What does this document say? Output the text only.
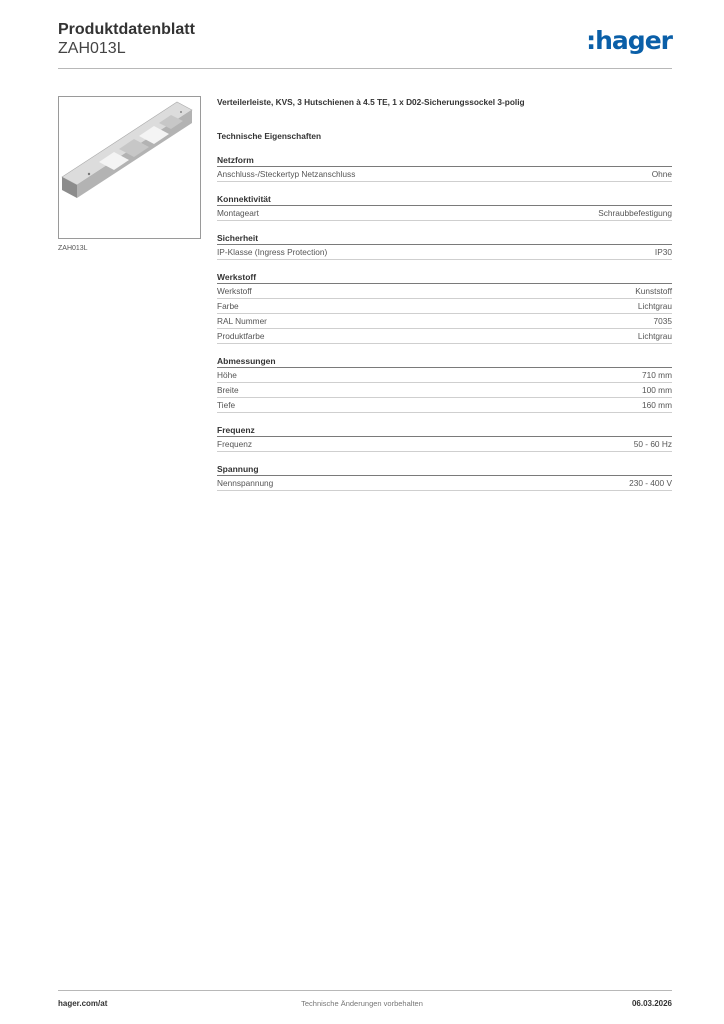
Produktdatenblatt
ZAH013L	:hager
ZAH013L
Verteilerleiste, KVS, 3 Hutschienen à 4.5 TE, 1 x D02-Sicherungssockel 3-polig
Technische Eigenschaften
Netzform
Anschluss-/Steckertyp Netzanschluss	Ohne
Konnektivität
Montageart	Schraubbefestigung
Sicherheit
IP-Klasse (Ingress Protection)	IP30
Werkstoff
Werkstoff	Kunststoff
Farbe	Lichtgrau
RAL Nummer	7035
Produktfarbe	Lichtgrau
Abmessungen
Höhe	710 mm
Breite	100 mm
Tiefe	160 mm
Frequenz
Frequenz	50 - 60 Hz
Spannung
Nennspannung	230 - 400 V
hager.com/at	Technische Änderungen vorbehalten	06.03.2026
